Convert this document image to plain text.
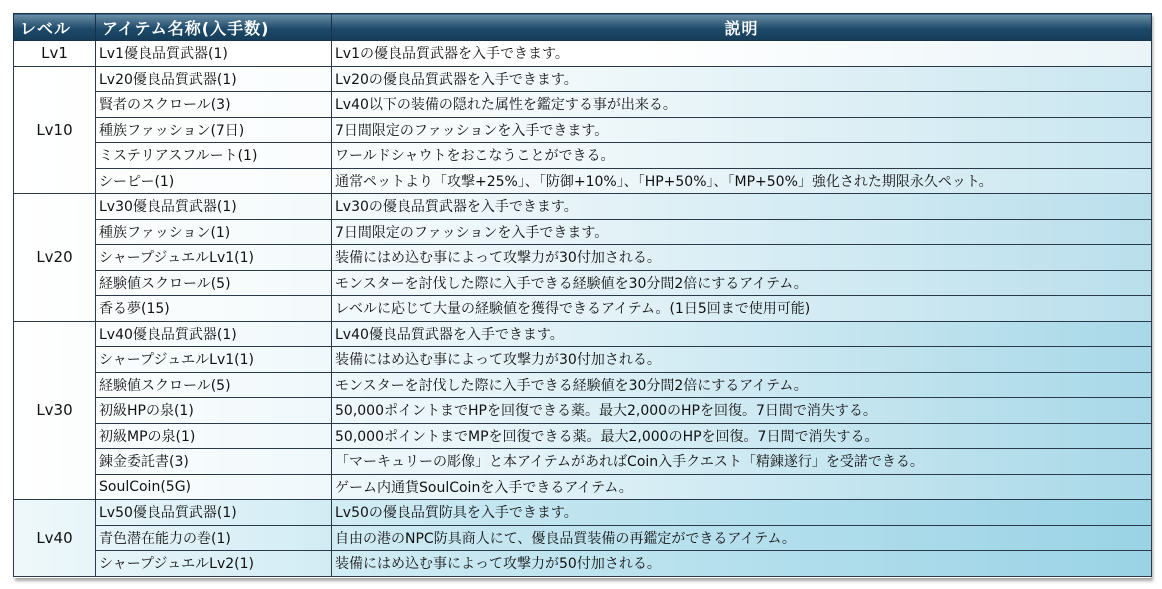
レベル	アイテム名称(入手数)	説明
Lv1	Lv1優良品質武器(1)	Lv1の優良品質武器を入手できます。
Lv10	Lv20優良品質武器(1)	Lv20の優良品質武器を入手できます。
	賢者のスクロール(3)	Lv40以下の装備の隠れた属性を鑑定する事が出来る。
	種族ファッション(7日)	7日間限定のファッションを入手できます。
	ミステリアスフルート(1)	ワールドシャウトをおこなうことができる。
	シーピー(1)	通常ペットより「攻撃+25%」、「防御+10%」、「HP+50%」、「MP+50%」強化された期限永久ペット。
Lv20	Lv30優良品質武器(1)	Lv30の優良品質武器を入手できます。
	種族ファッション(1)	7日間限定のファッションを入手できます。
	シャープジュエルLv1(1)	装備にはめ込む事によって攻撃力が30付加される。
	経験値スクロール(5)	モンスターを討伐した際に入手できる経験値を30分間2倍にするアイテム。
	香る夢(15)	レベルに応じて大量の経験値を獲得できるアイテム。(1日5回まで使用可能)
Lv30	Lv40優良品質武器(1)	Lv40優良品質武器を入手できます。
	シャープジュエルLv1(1)	装備にはめ込む事によって攻撃力が30付加される。
	経験値スクロール(5)	モンスターを討伐した際に入手できる経験値を30分間2倍にするアイテム。
	初級HPの泉(1)	50,000ポイントまでHPを回復できる薬。最大2,000のHPを回復。7日間で消失する。
	初級MPの泉(1)	50,000ポイントまでMPを回復できる薬。最大2,000のHPを回復。7日間で消失する。
	錬金委託書(3)	「マーキュリーの彫像」と本アイテムがあればCoin入手クエスト「精錬遂行」を受諾できる。
	SoulCoin(5G)	ゲーム内通貨SoulCoinを入手できるアイテム。
Lv40	Lv50優良品質武器(1)	Lv50の優良品質防具を入手できます。
	青色潜在能力の巻(1)	自由の港のNPC防具商人にて、優良品質装備の再鑑定ができるアイテム。
	シャープジュエルLv2(1)	装備にはめ込む事によって攻撃力が50付加される。
